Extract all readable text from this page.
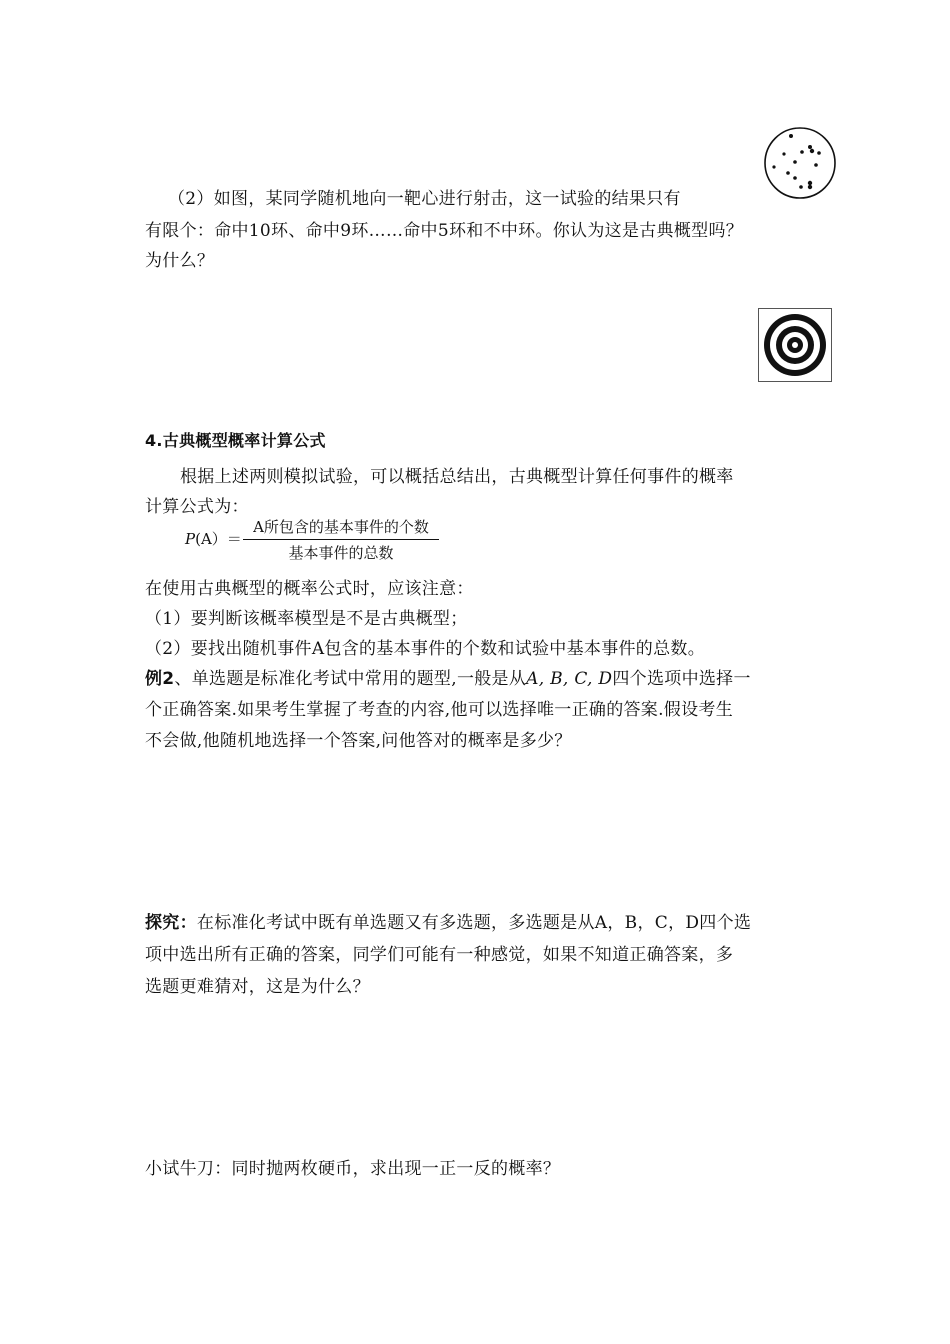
（2）如图，某同学随机地向一靶心进行射击，这一试验的结果只有
有限个：命中10环、命中9环……命中5环和不中环。你认为这是古典概型吗？
为什么？
4.古典概型概率计算公式
根据上述两则模拟试验，可以概括总结出，古典概型计算任何事件的概率
计算公式为：
P(A）＝
A所包含的基本事件的个数
基本事件的总数
在使用古典概型的概率公式时，应该注意：
（1）要判断该概率模型是不是古典概型；
（2）要找出随机事件A包含的基本事件的个数和试验中基本事件的总数。
例2、单选题是标准化考试中常用的题型,一般是从A, B, C, D四个选项中选择一
个正确答案.如果考生掌握了考查的内容,他可以选择唯一正确的答案.假设考生
不会做,他随机地选择一个答案,问他答对的概率是多少？
探究：在标准化考试中既有单选题又有多选题，多选题是从A，B，C，D四个选
项中选出所有正确的答案，同学们可能有一种感觉，如果不知道正确答案，多
选题更难猜对，这是为什么？
小试牛刀：同时抛两枚硬币，求出现一正一反的概率？
